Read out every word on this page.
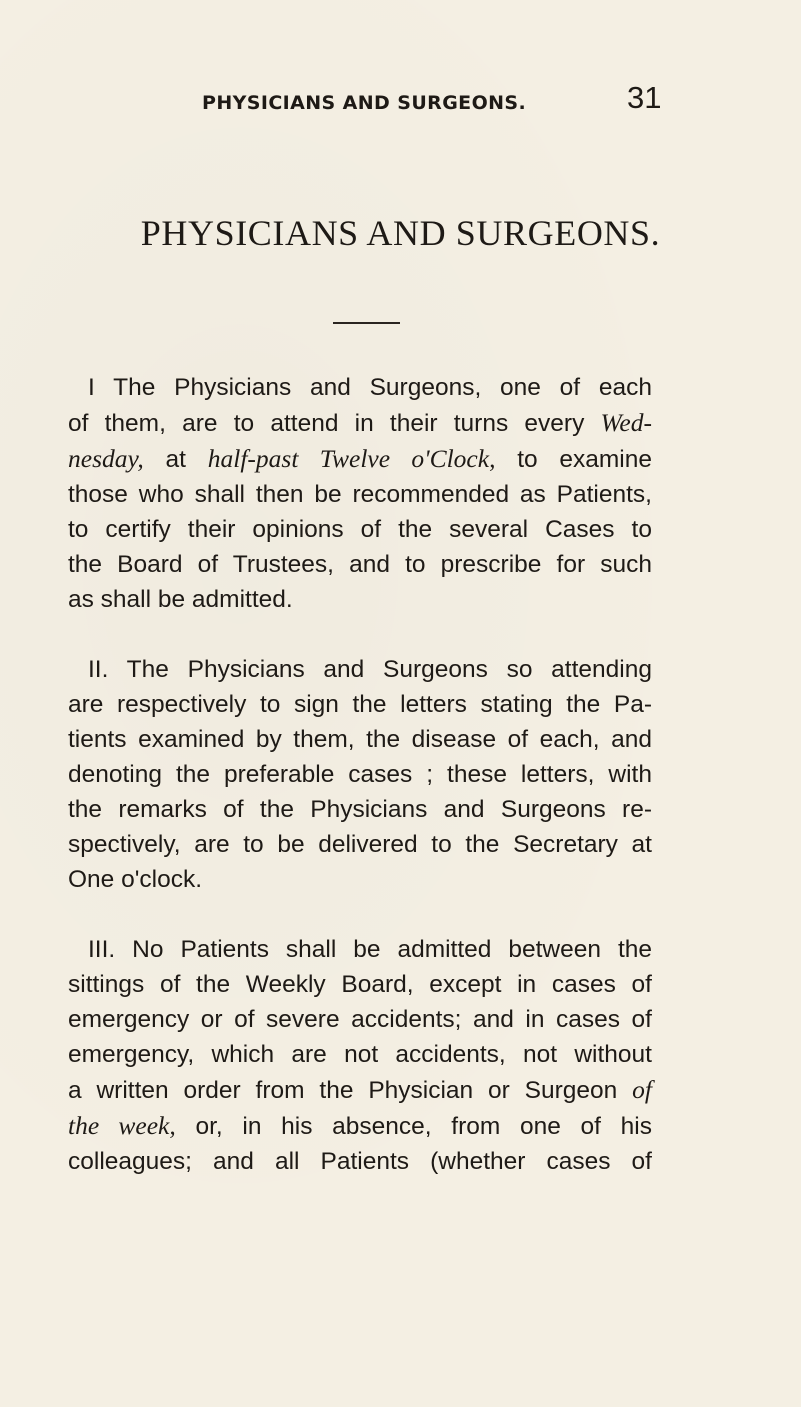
PHYSICIANS AND SURGEONS.	31
PHYSICIANS AND SURGEONS.
I The Physicians and Surgeons, one of each
of them, are to attend in their turns every Wed-
nesday, at half-past Twelve o'Clock, to examine
those who shall then be recommended as Patients,
to certify their opinions of the several Cases to
the Board of Trustees, and to prescribe for such
as shall be admitted.
II. The Physicians and Surgeons so attending
are respectively to sign the letters stating the Pa-
tients examined by them, the disease of each, and
denoting the preferable cases ; these letters, with
the remarks of the Physicians and Surgeons re-
spectively, are to be delivered to the Secretary at
One o'clock.
III. No Patients shall be admitted between the
sittings of the Weekly Board, except in cases of
emergency or of severe accidents; and in cases of
emergency, which are not accidents, not without
a written order from the Physician or Surgeon of
the week, or, in his absence, from one of his
colleagues; and all Patients (whether cases of
